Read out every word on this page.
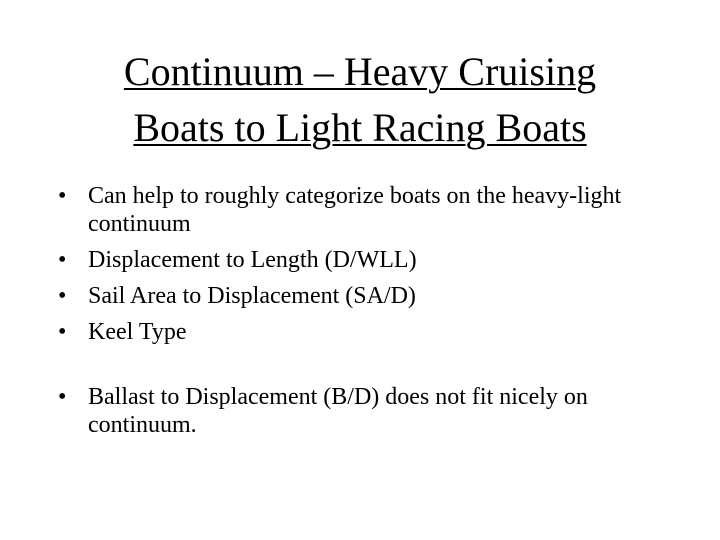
Continuum – Heavy Cruising
Boats to Light Racing Boats
• Can help to roughly categorize boats on the heavy-light continuum
• Displacement to Length (D/WLL)
• Sail Area to Displacement (SA/D)
• Keel Type
• Ballast to Displacement (B/D) does not fit nicely on continuum.
